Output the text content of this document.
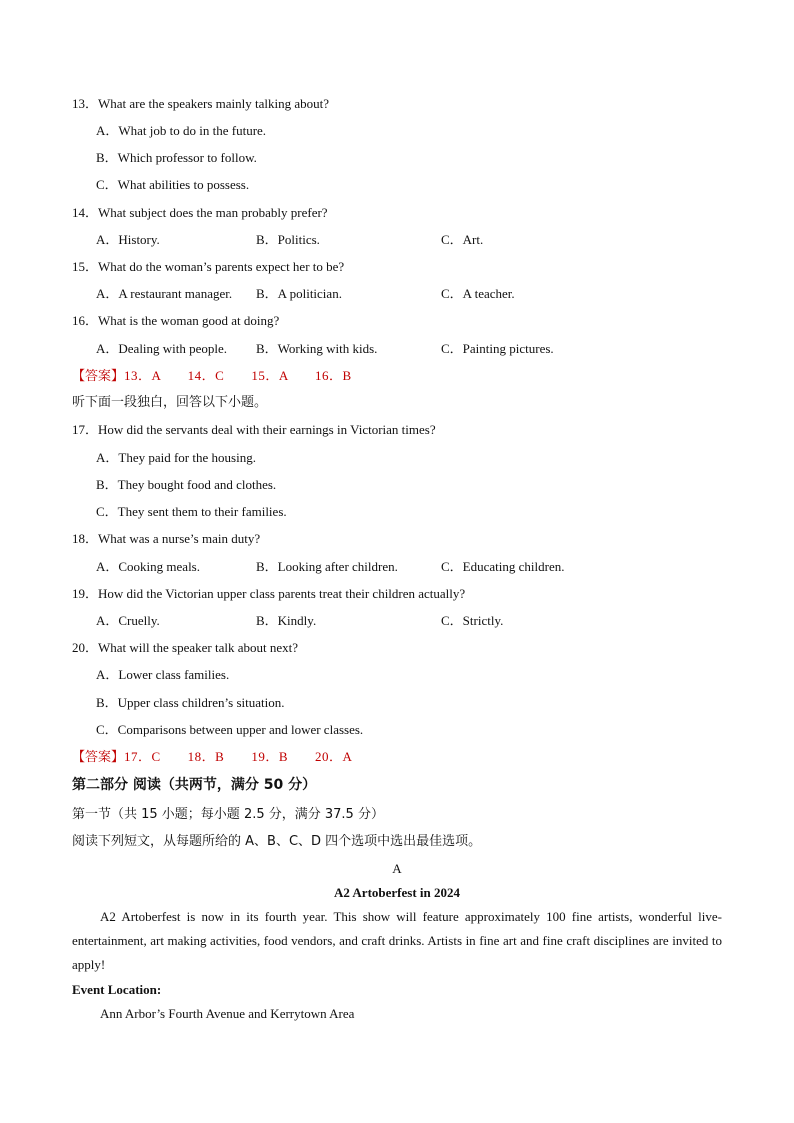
13．What are the speakers mainly talking about?
A．What job to do in the future.
B．Which professor to follow.
C．What abilities to possess.
14．What subject does the man probably prefer?
A．History.	B．Politics.	C．Art.
15．What do the woman’s parents expect her to be?
A．A restaurant manager. B．A politician.	C．A teacher.
16．What is the woman good at doing?
A．Dealing with people. B．Working with kids.	C．Painting pictures.
【答案】13．A　　14．C　　15．A　　16．B
听下面一段独白，回答以下小题。
17．How did the servants deal with their earnings in Victorian times?
A．They paid for the housing.
B．They bought food and clothes.
C．They sent them to their families.
18．What was a nurse’s main duty?
A．Cooking meals.	B．Looking after children.	C．Educating children.
19．How did the Victorian upper class parents treat their children actually?
A．Cruelly.	B．Kindly.	C．Strictly.
20．What will the speaker talk about next?
A．Lower class families.
B．Upper class children’s situation.
C．Comparisons between upper and lower classes.
【答案】17．C　　18．B　　19．B　　20．A
第二部分 阅读（共两节，满分 50 分）
第一节（共 15 小题；每小题 2.5 分，满分 37.5 分）
阅读下列短文，从每题所给的 A、B、C、D 四个选项中选出最佳选项。
A
A2 Artoberfest in 2024
A2 Artoberfest is now in its fourth year. This show will feature approximately 100 fine artists, wonderful live-entertainment, art making activities, food vendors, and craft drinks. Artists in fine art and fine craft disciplines are invited to apply!
Event Location:
Ann Arbor’s Fourth Avenue and Kerrytown Area
